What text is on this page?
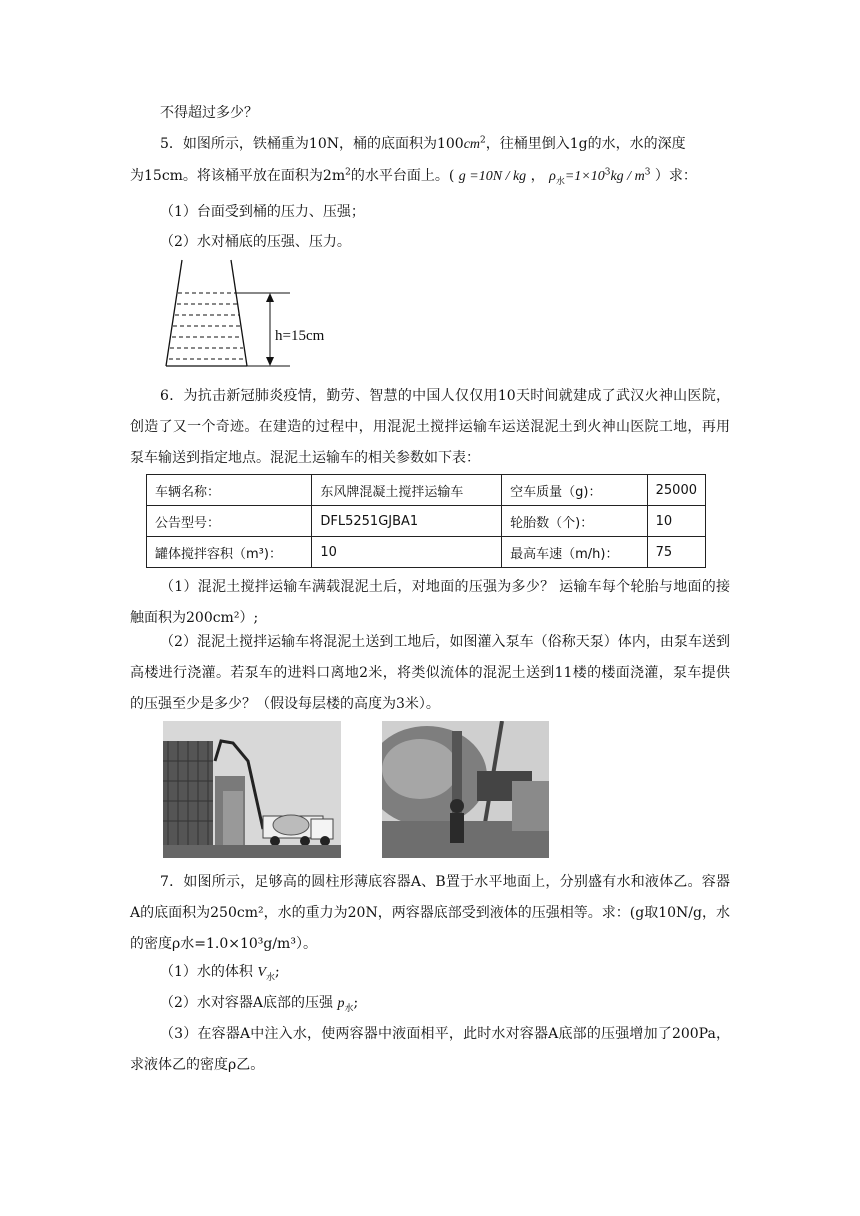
不得超过多少？

5．如图所示，铁桶重为10N，桶的底面积为$100cm^2$，往桶里倒入1g的水，水的深度

为15cm。将该桶平放在面积为$2m^2$的水平台面上。( g =10N / kg ， $\rho_水=1\times 10^3kg / m^3$ ）求：

（1）台面受到桶的压力、压强；

（2）水对桶底的压强、压力。

h=15cm

6．为抗击新冠肺炎疫情，勤劳、智慧的中国人仅仅用10天时间就建成了武汉火神山医院，创造了又一个奇迹。在建造的过程中，用混泥土搅拌运输车运送混泥土到火神山医院工地，再用泵车输送到指定地点。混泥土运输车的相关参数如下表：

车辆名称：	东风牌混凝土搅拌运输车	空车质量（g)：	25000
公告型号：	DFL5251GJBA1	轮胎数（个)：	10
罐体搅拌容积（m³)：	10	最高车速（m/h)：	75

（1）混泥土搅拌运输车满载混泥土后，对地面的压强为多少？ 运输车每个轮胎与地面的接触面积为200cm²）;

（2）混泥土搅拌运输车将混泥土送到工地后，如图灌入泵车（俗称天泵）体内，由泵车送到高楼进行浇灌。若泵车的进料口离地2米，将类似流体的混泥土送到11楼的楼面浇灌，泵车提供的压强至少是多少？（假设每层楼的高度为3米）。

7．如图所示，足够高的圆柱形薄底容器A、B置于水平地面上，分别盛有水和液体乙。容器A的底面积为250cm²，水的重力为20N，两容器底部受到液体的压强相等。求：(g取10N/g，水的密度ρ水=1.0×10³g/m³）。

（1）水的体积 $V_水$;

（2）水对容器A底部的压强 $p_水$;

（3）在容器A中注入水，使两容器中液面相平，此时水对容器A底部的压强增加了200Pa，求液体乙的密度ρ乙。
